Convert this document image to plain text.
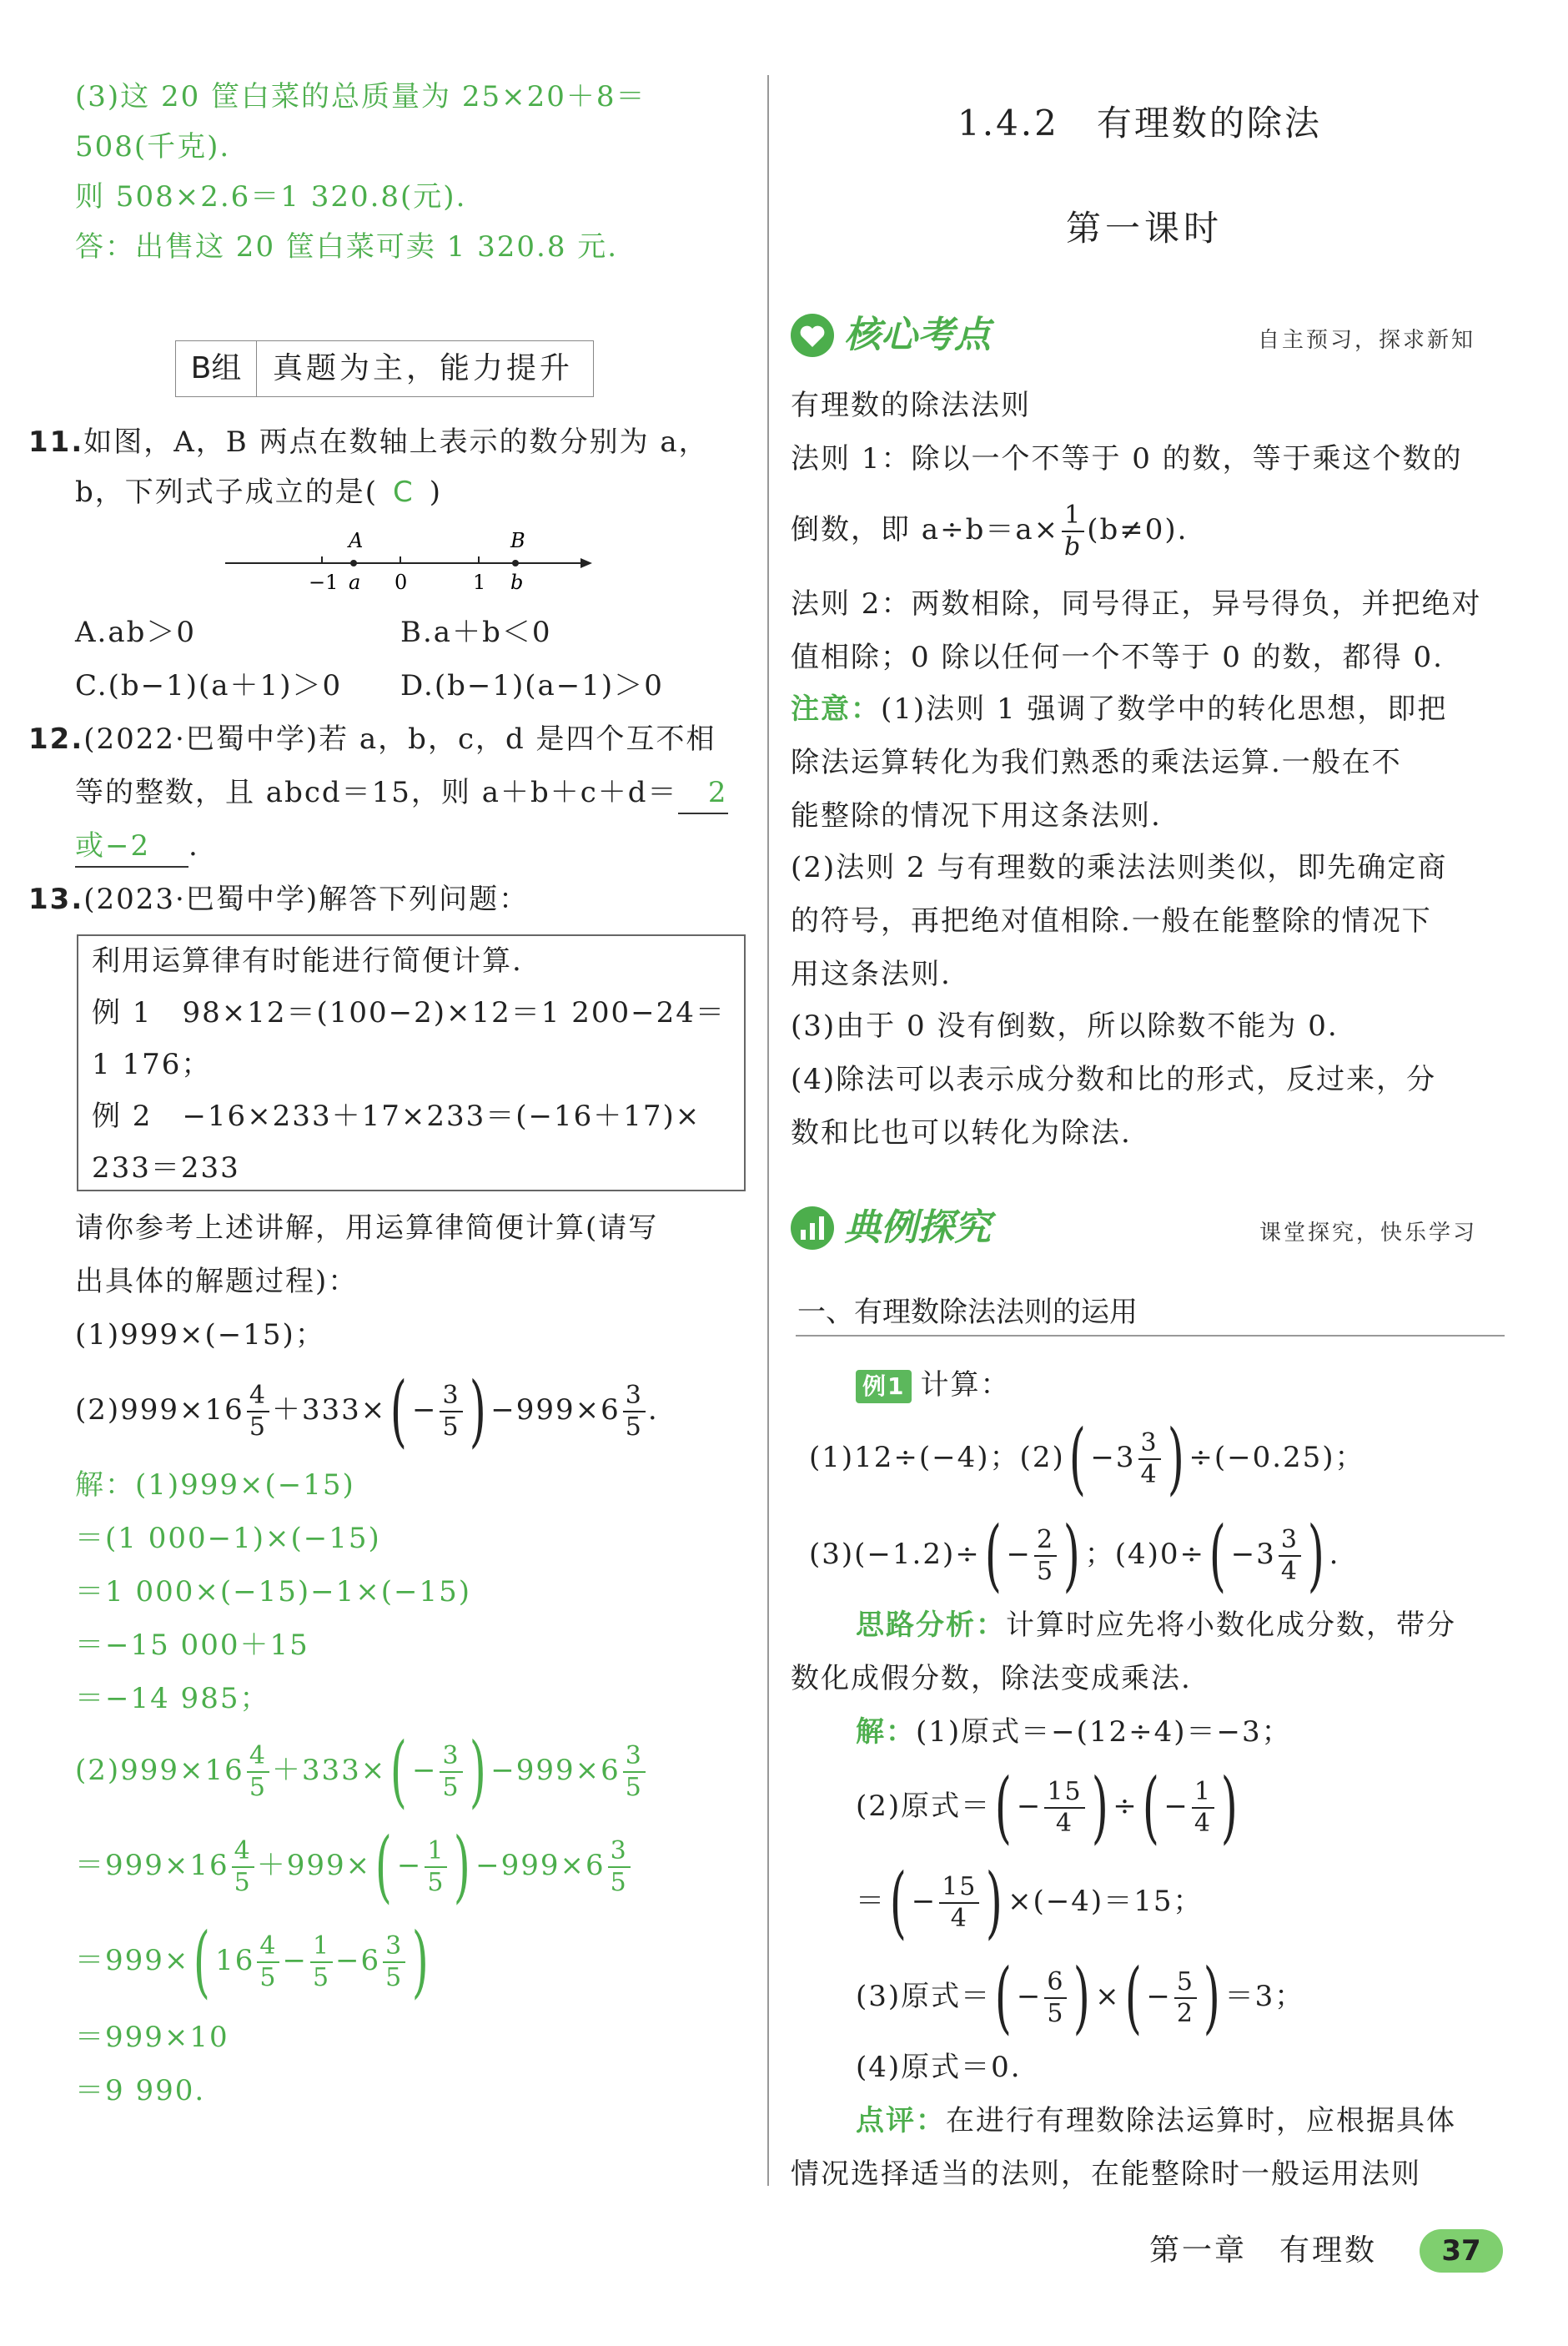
(3)这 20 筐白菜的总质量为 25×20＋8＝
508(千克).
则 508×2.6＝1 320.8(元).
答：出售这 20 筐白菜可卖 1 320.8 元.
B组	真题为主，能力提升
11.如图，A，B 两点在数轴上表示的数分别为 a，
b，下列式子成立的是( C )
A	B
−1 a 0	1 b
A.ab＞0	B.a＋b＜0
C.(b−1)(a＋1)＞0 D.(b−1)(a−1)＞0
12.(2022·巴蜀中学)若 a，b，c，d 是四个互不相
等的整数，且 abcd＝15，则 a＋b＋c＋d＝ 2
或−2 .
13.(2023·巴蜀中学)解答下列问题：
利用运算律有时能进行简便计算.
例 1　98×12＝(100−2)×12＝1 200−24＝
1 176；
例 2　−16×233＋17×233＝(−16＋17)×
233＝233
请你参考上述讲解，用运算律简便计算(请写
出具体的解题过程)：
(1)999×(−15)；
$(2)999\times 16 \frac{4}{5} +333\times( - \frac{3}{5}$ ) $-999\times 6 \frac{3}{5}$ .
解：(1)999×(−15)
＝(1 000−1)×(−15)
＝1 000×(−15)−1×(−15)
＝−15 000＋15
＝−14 985；
$(2)999\times 16 \frac{4}{5} +333\times( - \frac{3}{5}$ ) $-999\times 6 \frac{3}{5}$
$=999\times 16 \frac{4}{5} +999\times( - \frac{1}{5}$ ) $-999\times 6 \frac{3}{5}$
＝999×( $16 \frac{4}{5} - \frac{1}{5} -6 \frac{3}{5}$ )
＝999×10
＝9 990.
1.4.2　有理数的除法
第一课时
核心考点	自主预习，探求新知
有理数的除法法则
法则 1：除以一个不等于 0 的数，等于乘这个数的
倒数，即 $a\div b=a\times \frac{1}{b} (b\ne 0)$.
法则 2：两数相除，同号得正，异号得负，并把绝对
值相除；0 除以任何一个不等于 0 的数，都得 0.
注意：(1)法则 1 强调了数学中的转化思想，即把
除法运算转化为我们熟悉的乘法运算.一般在不
能整除的情况下用这条法则.
(2)法则 2 与有理数的乘法法则类似，即先确定商
的符号，再把绝对值相除.一般在能整除的情况下
用这条法则.
(3)由于 0 没有倒数，所以除数不能为 0.
(4)除法可以表示成分数和比的形式，反过来，分
数和比也可以转化为除法.
典例探究	课堂探究，快乐学习
一、有理数除法法则的运用
例1 计算：
(1)12÷(−4)；$(2)( -3 \frac{3}{4}$ ) ÷(−0.25)；
$(3)(-1.2)\div( - \frac{2}{5}$ ) ；$(4)0\div( -3 \frac{3}{4}$ ) .
思路分析：计算时应先将小数化成分数，带分
数化成假分数，除法变成乘法.
解：(1)原式＝−(12÷4)＝−3；
(2)原式＝( − $\frac{15}{4}$ ) ÷( − $\frac{1}{4}$ )
＝( − $\frac{15}{4}$ ) ×(−4)＝15；
(3)原式＝( − $\frac{6}{5}$ ) ×( − $\frac{5}{2}$ ) ＝3；
(4)原式＝0.
点评：在进行有理数除法运算时，应根据具体
情况选择适当的法则，在能整除时一般运用法则
第一章　有理数	37
